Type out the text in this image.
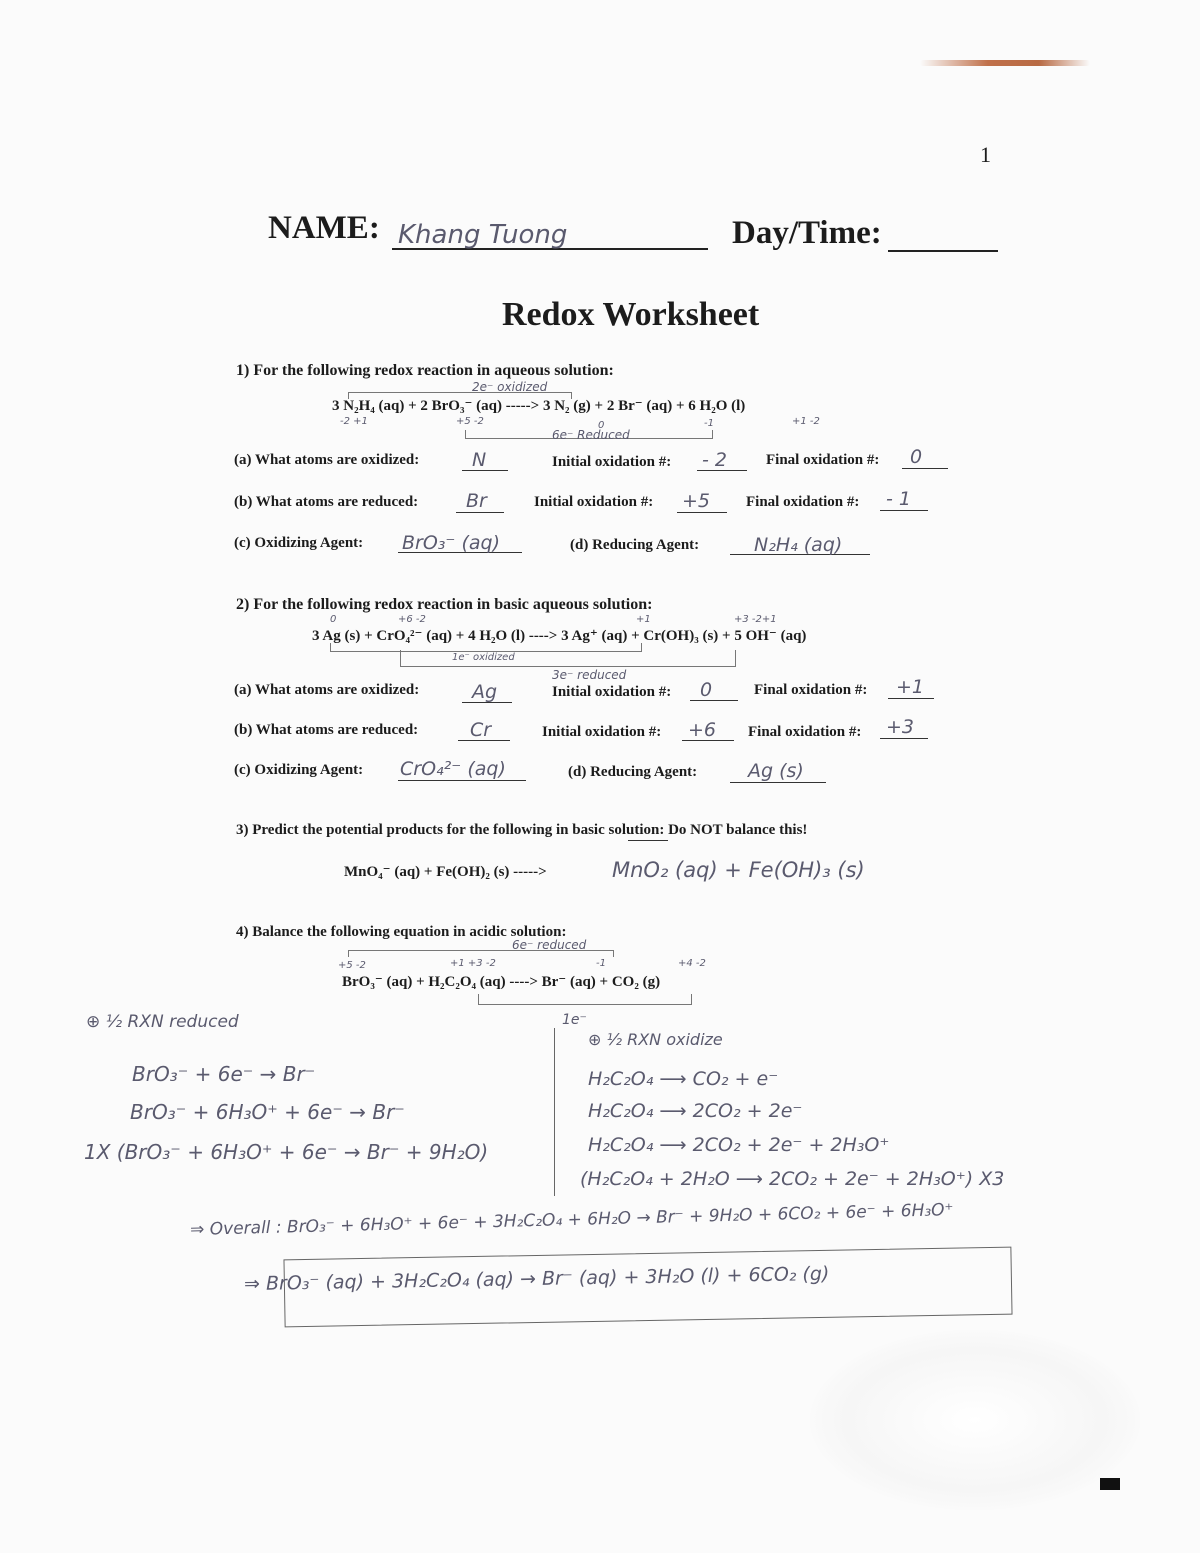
1
NAME: Khang Tuong	Day/Time:
Redox Worksheet
1) For the following redox reaction in aqueous solution:
2e⁻ oxidized
3 N₂H₄ (aq) + 2 BrO₃⁻ (aq) -----> 3 N₂ (g) + 2 Br⁻ (aq) + 6 H₂O (l)
-2 +1	+5 -2	0	-1	+1 -2
6e⁻ Reduced
(a) What atoms are oxidized:	N	Initial oxidation #: - 2	Final oxidation #: 0
(b) What atoms are reduced:	Br	Initial oxidation #: +5 Final oxidation #: - 1
(c) Oxidizing Agent: BrO₃⁻ (aq)	(d) Reducing Agent:	N₂H₄ (aq)
2) For the following redox reaction in basic aqueous solution:
0	+6 -2	+1	+3 -2+1
3 Ag (s) + CrO₄²⁻ (aq) + 4 H₂O (l) ----> 3 Ag⁺ (aq) + Cr(OH)₃ (s) + 5 OH⁻ (aq)
1e⁻ oxidized
3e⁻ reduced
(a) What atoms are oxidized:	Ag	Initial oxidation #: 0	Final oxidation #: +1
(b) What atoms are reduced:	Cr	Initial oxidation #: +6 Final oxidation #: +3
(c) Oxidizing Agent: CrO₄²⁻ (aq)	(d) Reducing Agent:	Ag (s)
3) Predict the potential products for the following in basic solution: Do NOT balance this!
MnO₄⁻ (aq) + Fe(OH)₂ (s) ----->	MnO₂ (aq) + Fe(OH)₃ (s)
4) Balance the following equation in acidic solution:
6e⁻ reduced
+5 -2	+1 +3 -2	-1	+4 -2
BrO₃⁻ (aq) + H₂C₂O₄ (aq) ----> Br⁻ (aq) + CO₂ (g)
1e⁻
⊕ ½ RXN reduced
BrO₃⁻ + 6e⁻ → Br⁻
BrO₃⁻ + 6H₃O⁺ + 6e⁻ → Br⁻
1X (BrO₃⁻ + 6H₃O⁺ + 6e⁻ → Br⁻ + 9H₂O)
⊕ ½ RXN oxidize
H₂C₂O₄ ⟶ CO₂ + e⁻
H₂C₂O₄ ⟶ 2CO₂ + 2e⁻
H₂C₂O₄ ⟶ 2CO₂ + 2e⁻ + 2H₃O⁺
(H₂C₂O₄ + 2H₂O ⟶ 2CO₂ + 2e⁻ + 2H₃O⁺) X3
⇒ Overall : BrO₃⁻ + 6H₃O⁺ + 6e⁻ + 3H₂C₂O₄ + 6H₂O → Br⁻ + 9H₂O + 6CO₂ + 6e⁻ + 6H₃O⁺
⇒ BrO₃⁻ (aq) + 3H₂C₂O₄ (aq) → Br⁻ (aq) + 3H₂O (l) + 6CO₂ (g)
